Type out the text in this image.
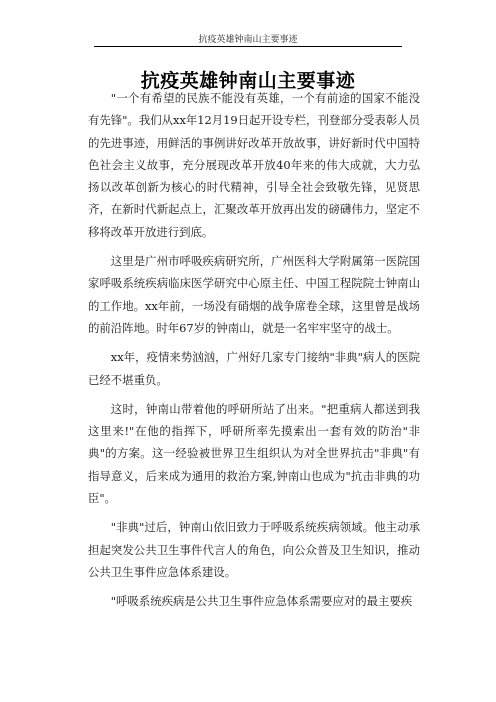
抗疫英雄钟南山主要事迹
抗疫英雄钟南山主要事迹

"一个有希望的民族不能没有英雄，一个有前途的国家不能没有先锋"。我们从xx年12月19日起开设专栏，刊登部分受表彰人员的先进事迹，用鲜活的事例讲好改革开放故事，讲好新时代中国特色社会主义故事，充分展现改革开放40年来的伟大成就，大力弘扬以改革创新为核心的时代精神，引导全社会致敬先锋，见贤思齐，在新时代新起点上，汇聚改革开放再出发的磅礴伟力，坚定不移将改革开放进行到底。

这里是广州市呼吸疾病研究所，广州医科大学附属第一医院国家呼吸系统疾病临床医学研究中心原主任、中国工程院院士钟南山的工作地。xx年前，一场没有硝烟的战争席卷全球，这里曾是战场的前沿阵地。时年67岁的钟南山，就是一名牢牢坚守的战士。

xx年，疫情来势汹汹，广州好几家专门接纳"非典"病人的医院已经不堪重负。

这时，钟南山带着他的呼研所站了出来。"把重病人都送到我这里来!"在他的指挥下，呼研所率先摸索出一套有效的防治"非典"的方案。这一经验被世界卫生组织认为对全世界抗击"非典"有指导意义，后来成为通用的救治方案,钟南山也成为"抗击非典的功臣"。

"非典"过后，钟南山依旧致力于呼吸系统疾病领域。他主动承担起突发公共卫生事件代言人的角色，向公众普及卫生知识，推动公共卫生事件应急体系建设。

"呼吸系统疾病是公共卫生事件应急体系需要应对的最主要疾
